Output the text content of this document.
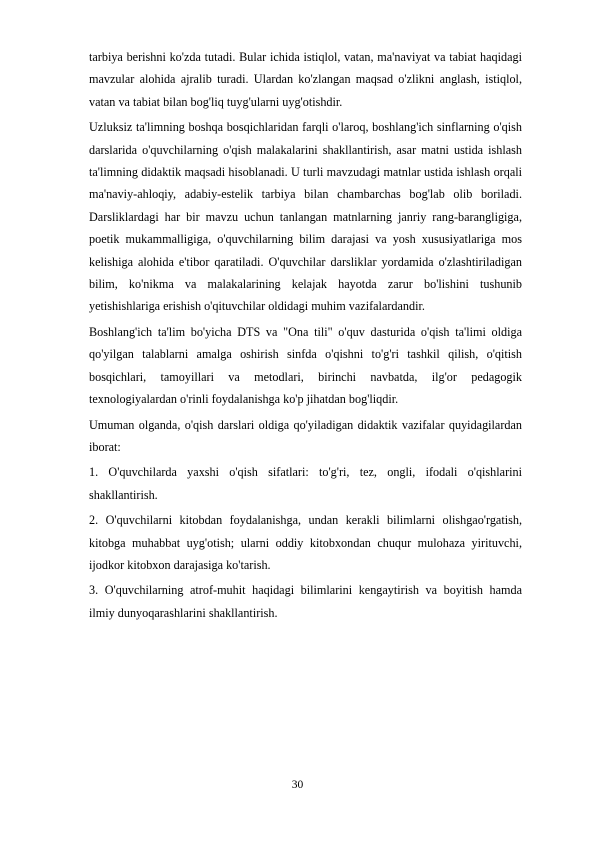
tarbiya berishni ko'zda tutadi. Bular ichida istiqlol, vatan, ma'naviyat va tabiat haqidagi mavzular alohida ajralib turadi. Ulardan ko'zlangan maqsad o'zlikni anglash, istiqlol, vatan va tabiat bilan bog'liq tuyg'ularni uyg'otishdir.

Uzluksiz ta'limning boshqa bosqichlaridan farqli o'laroq, boshlang'ich sinflarning o'qish darslarida o'quvchilarning o'qish malakalarini shakllantirish, asar matni ustida ishlash ta'limning didaktik maqsadi hisoblanadi. U turli mavzudagi matnlar ustida ishlash orqali ma'naviy-ahloqiy, adabiy-estelik tarbiya bilan chambarchas bog'lab olib boriladi. Darsliklardagi har bir mavzu uchun tanlangan matnlarning janriy rang-barangligiga, poetik mukammalligiga, o'quvchilarning bilim darajasi va yosh xususiyatlariga mos kelishiga alohida e'tibor qaratiladi. O'quvchilar darsliklar yordamida o'zlashtiriladigan bilim, ko'nikma va malakalarining kelajak hayotda zarur bo'lishini tushunib yetishishlariga erishish o'qituvchilar oldidagi muhim vazifalardandir.

Boshlang'ich ta'lim bo'yicha DTS va "Ona tili" o'quv dasturida o'qish ta'limi oldiga qo'yilgan talablarni amalga oshirish sinfda o'qishni to'g'ri tashkil qilish, o'qitish bosqichlari, tamoyillari va metodlari, birinchi navbatda, ilg'or pedagogik texnologiyalardan o'rinli foydalanishga ko'p jihatdan bog'liqdir.

Umuman olganda, o'qish darslari oldiga qo'yiladigan didaktik vazifalar quyidagilardan iborat:

1. O'quvchilarda yaxshi o'qish sifatlari: to'g'ri, tez, ongli, ifodali o'qishlarini shakllantirish.

2. O'quvchilarni kitobdan foydalanishga, undan kerakli bilimlarni olishgao'rgatish, kitobga muhabbat uyg'otish; ularni oddiy kitobxondan chuqur mulohaza yirituvchi, ijodkor kitobxon darajasiga ko'tarish.

3. O'quvchilarning atrof-muhit haqidagi bilimlarini kengaytirish va boyitish hamda ilmiy dunyoqarashlarini shakllantirish.

30
